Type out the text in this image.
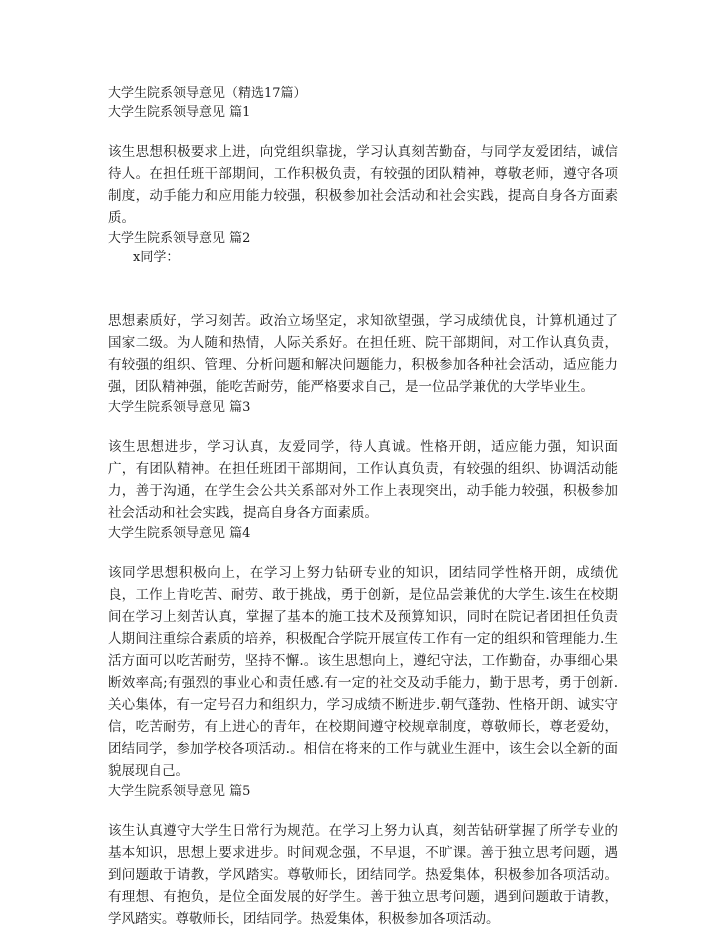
大学生院系领导意见（精选17篇）
大学生院系领导意见 篇1

该生思想积极要求上进，向党组织靠拢，学习认真刻苦勤奋，与同学友爱团结，诚信待人。在担任班干部期间，工作积极负责，有较强的团队精神，尊敬老师，遵守各项制度，动手能力和应用能力较强，积极参加社会活动和社会实践，提高自身各方面素质。

大学生院系领导意见 篇2
x同学：

思想素质好，学习刻苦。政治立场坚定，求知欲望强，学习成绩优良，计算机通过了国家二级。为人随和热情，人际关系好。在担任班、院干部期间，对工作认真负责，有较强的组织、管理、分析问题和解决问题能力，积极参加各种社会活动，适应能力强，团队精神强，能吃苦耐劳，能严格要求自己，是一位品学兼优的大学毕业生。

大学生院系领导意见 篇3

该生思想进步，学习认真，友爱同学，待人真诚。性格开朗，适应能力强，知识面广，有团队精神。在担任班团干部期间，工作认真负责，有较强的组织、协调活动能力，善于沟通，在学生会公共关系部对外工作上表现突出，动手能力较强，积极参加社会活动和社会实践，提高自身各方面素质。

大学生院系领导意见 篇4

该同学思想积极向上，在学习上努力钻研专业的知识，团结同学性格开朗，成绩优良，工作上肯吃苦、耐劳、敢于挑战，勇于创新，是位品尝兼优的大学生.该生在校期间在学习上刻苦认真，掌握了基本的施工技术及预算知识，同时在院记者团担任负责人期间注重综合素质的培养，积极配合学院开展宣传工作有一定的组织和管理能力.生活方面可以吃苦耐劳，坚持不懈.。该生思想向上，遵纪守法，工作勤奋，办事细心果断效率高;有强烈的事业心和责任感.有一定的社交及动手能力，勤于思考，勇于创新.关心集体，有一定号召力和组织力，学习成绩不断进步.朝气蓬勃、性格开朗、诚实守信，吃苦耐劳，有上进心的青年，在校期间遵守校规章制度，尊敬师长，尊老爱幼，团结同学，参加学校各项活动.。相信在将来的工作与就业生涯中，该生会以全新的面貌展现自己。

大学生院系领导意见 篇5

该生认真遵守大学生日常行为规范。在学习上努力认真，刻苦钻研掌握了所学专业的基本知识，思想上要求进步。时间观念强，不早退，不旷课。善于独立思考问题，遇到问题敢于请教，学风踏实。尊敬师长，团结同学。热爱集体，积极参加各项活动。有理想、有抱负，是位全面发展的好学生。善于独立思考问题，遇到问题敢于请教，学风踏实。尊敬师长，团结同学。热爱集体，积极参加各项活动。
